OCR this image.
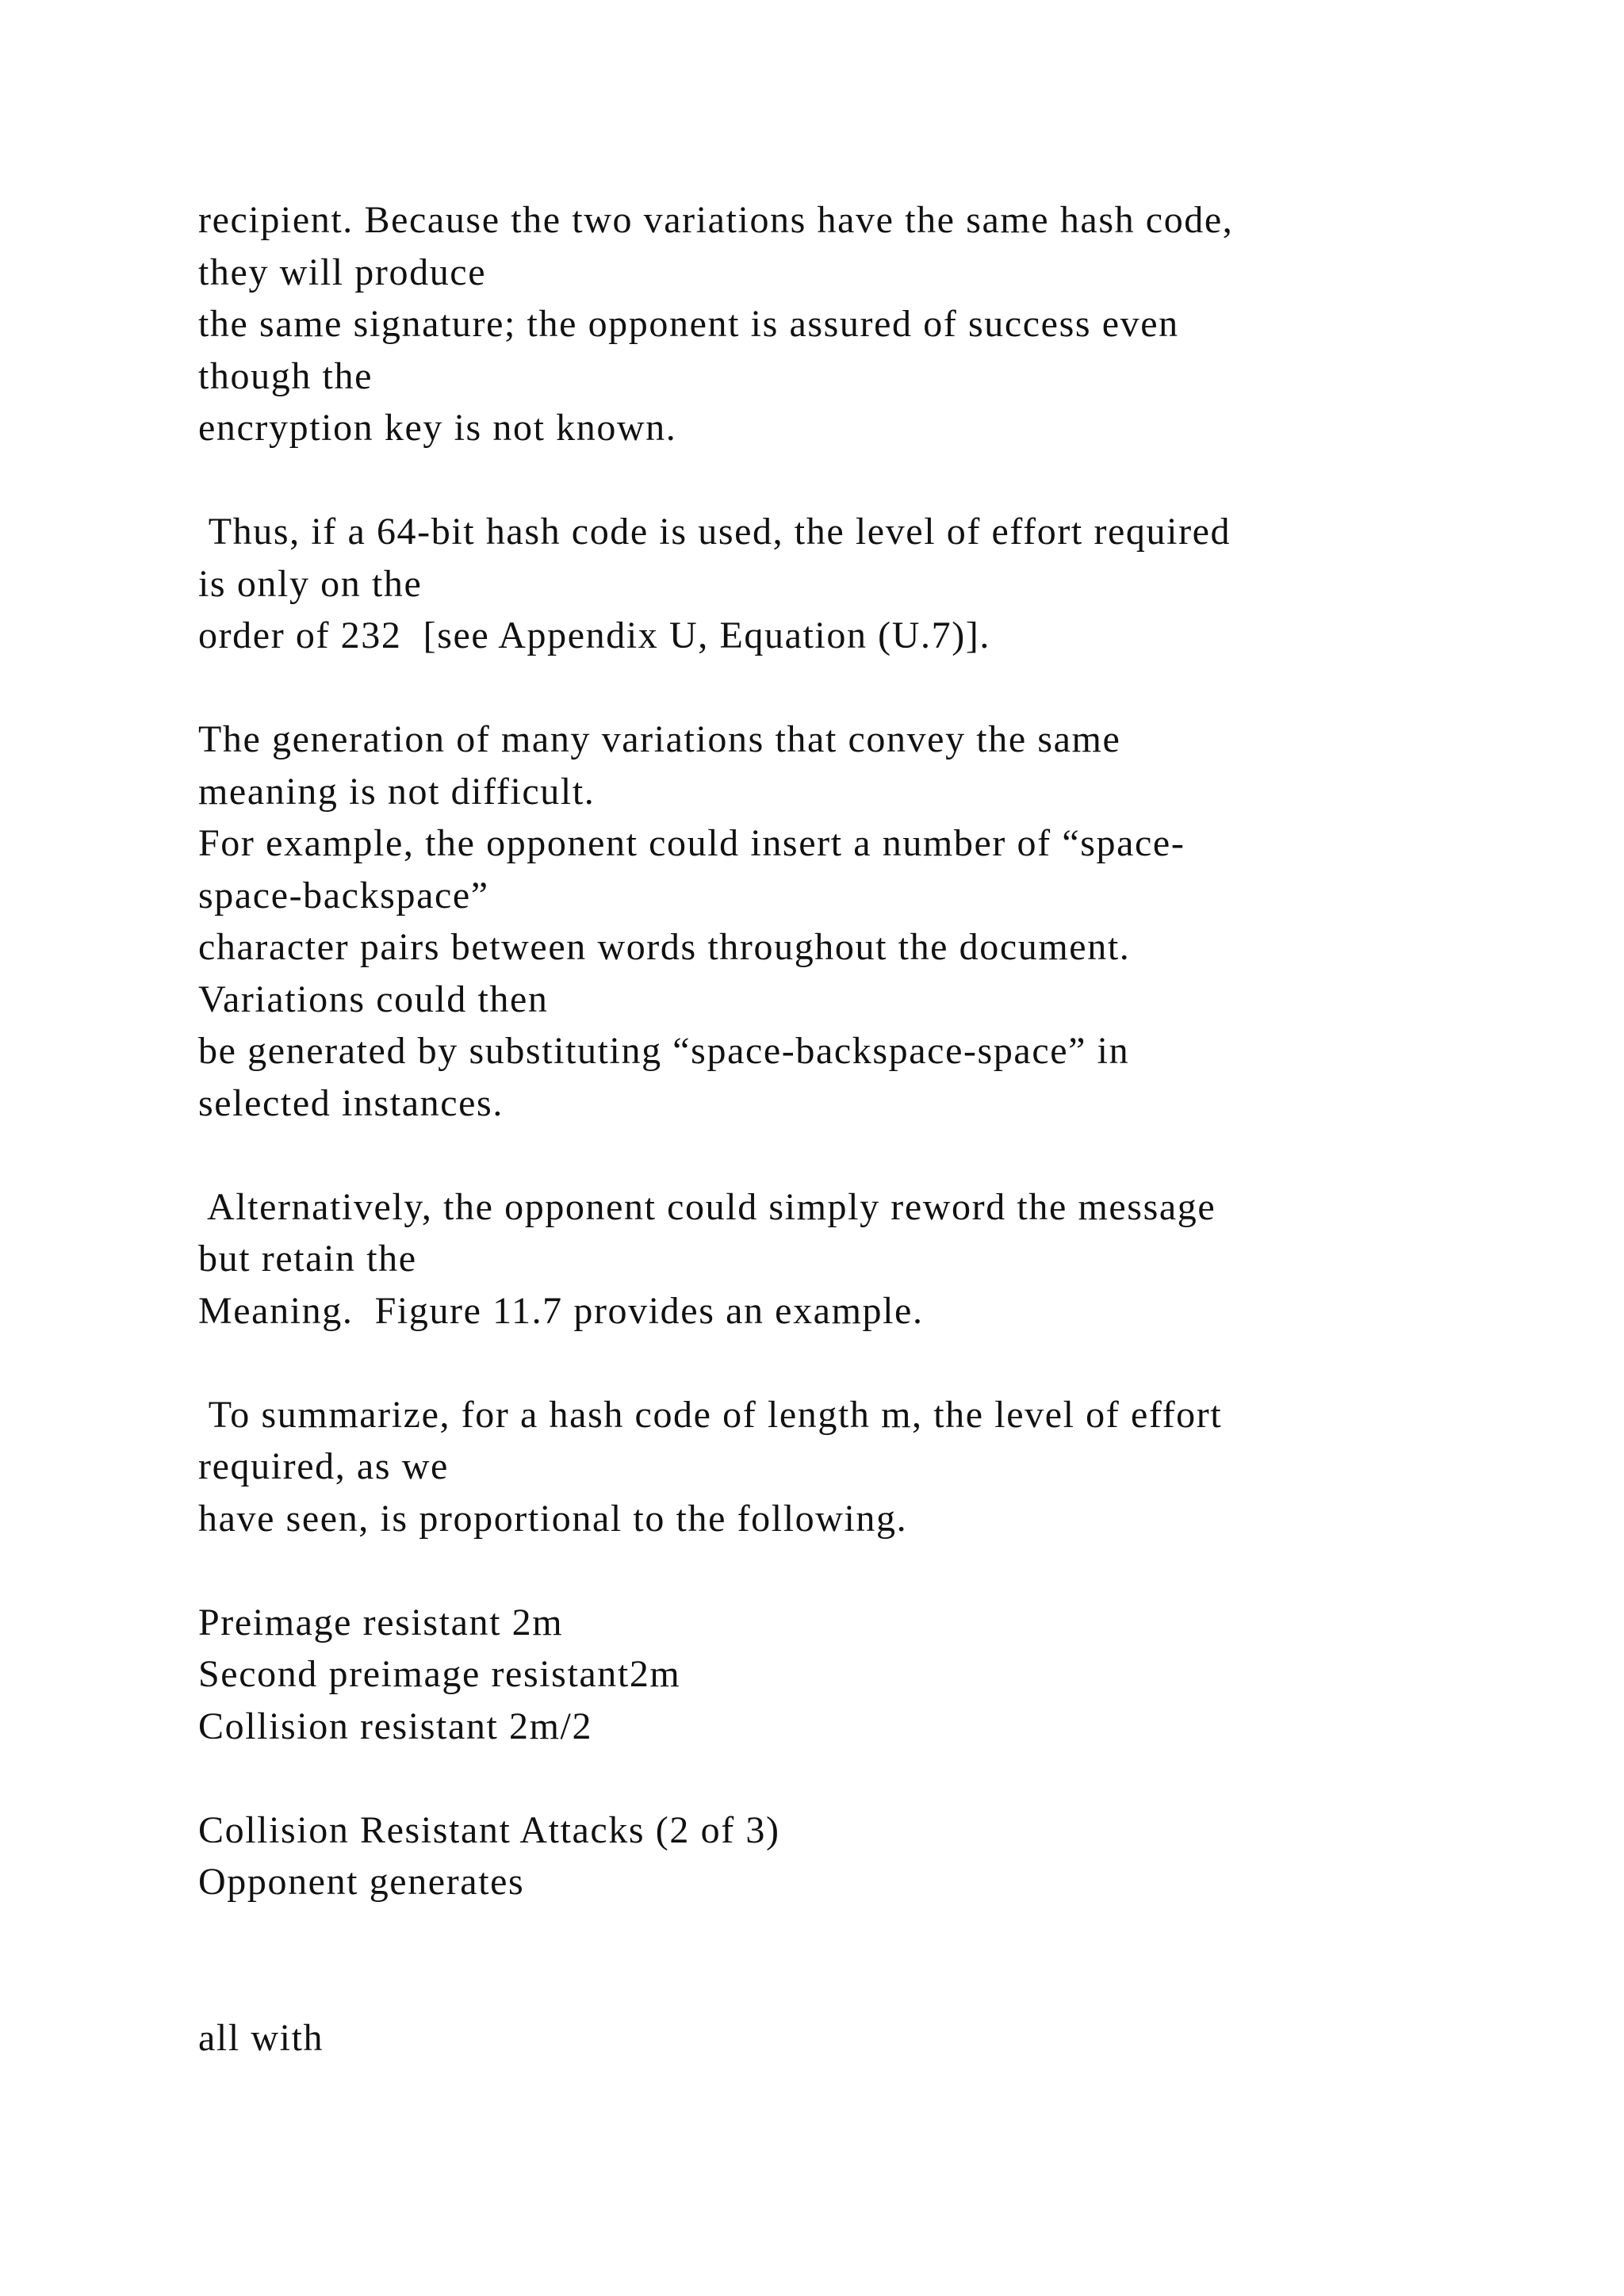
recipient. Because the two variations have the same hash code,
they will produce
the same signature; the opponent is assured of success even
though the
encryption key is not known.
Thus, if a 64-bit hash code is used, the level of effort required
is only on the
order of 232  [see Appendix U, Equation (U.7)].
The generation of many variations that convey the same
meaning is not difficult.
For example, the opponent could insert a number of “space-
space-backspace”
character pairs between words throughout the document.
Variations could then
be generated by substituting “space-backspace-space” in
selected instances.
Alternatively, the opponent could simply reword the message
but retain the
Meaning.  Figure 11.7 provides an example.
To summarize, for a hash code of length m, the level of effort
required, as we
have seen, is proportional to the following.
Preimage resistant 2m
Second preimage resistant2m
Collision resistant 2m/2
Collision Resistant Attacks (2 of 3)
Opponent generates
all with
